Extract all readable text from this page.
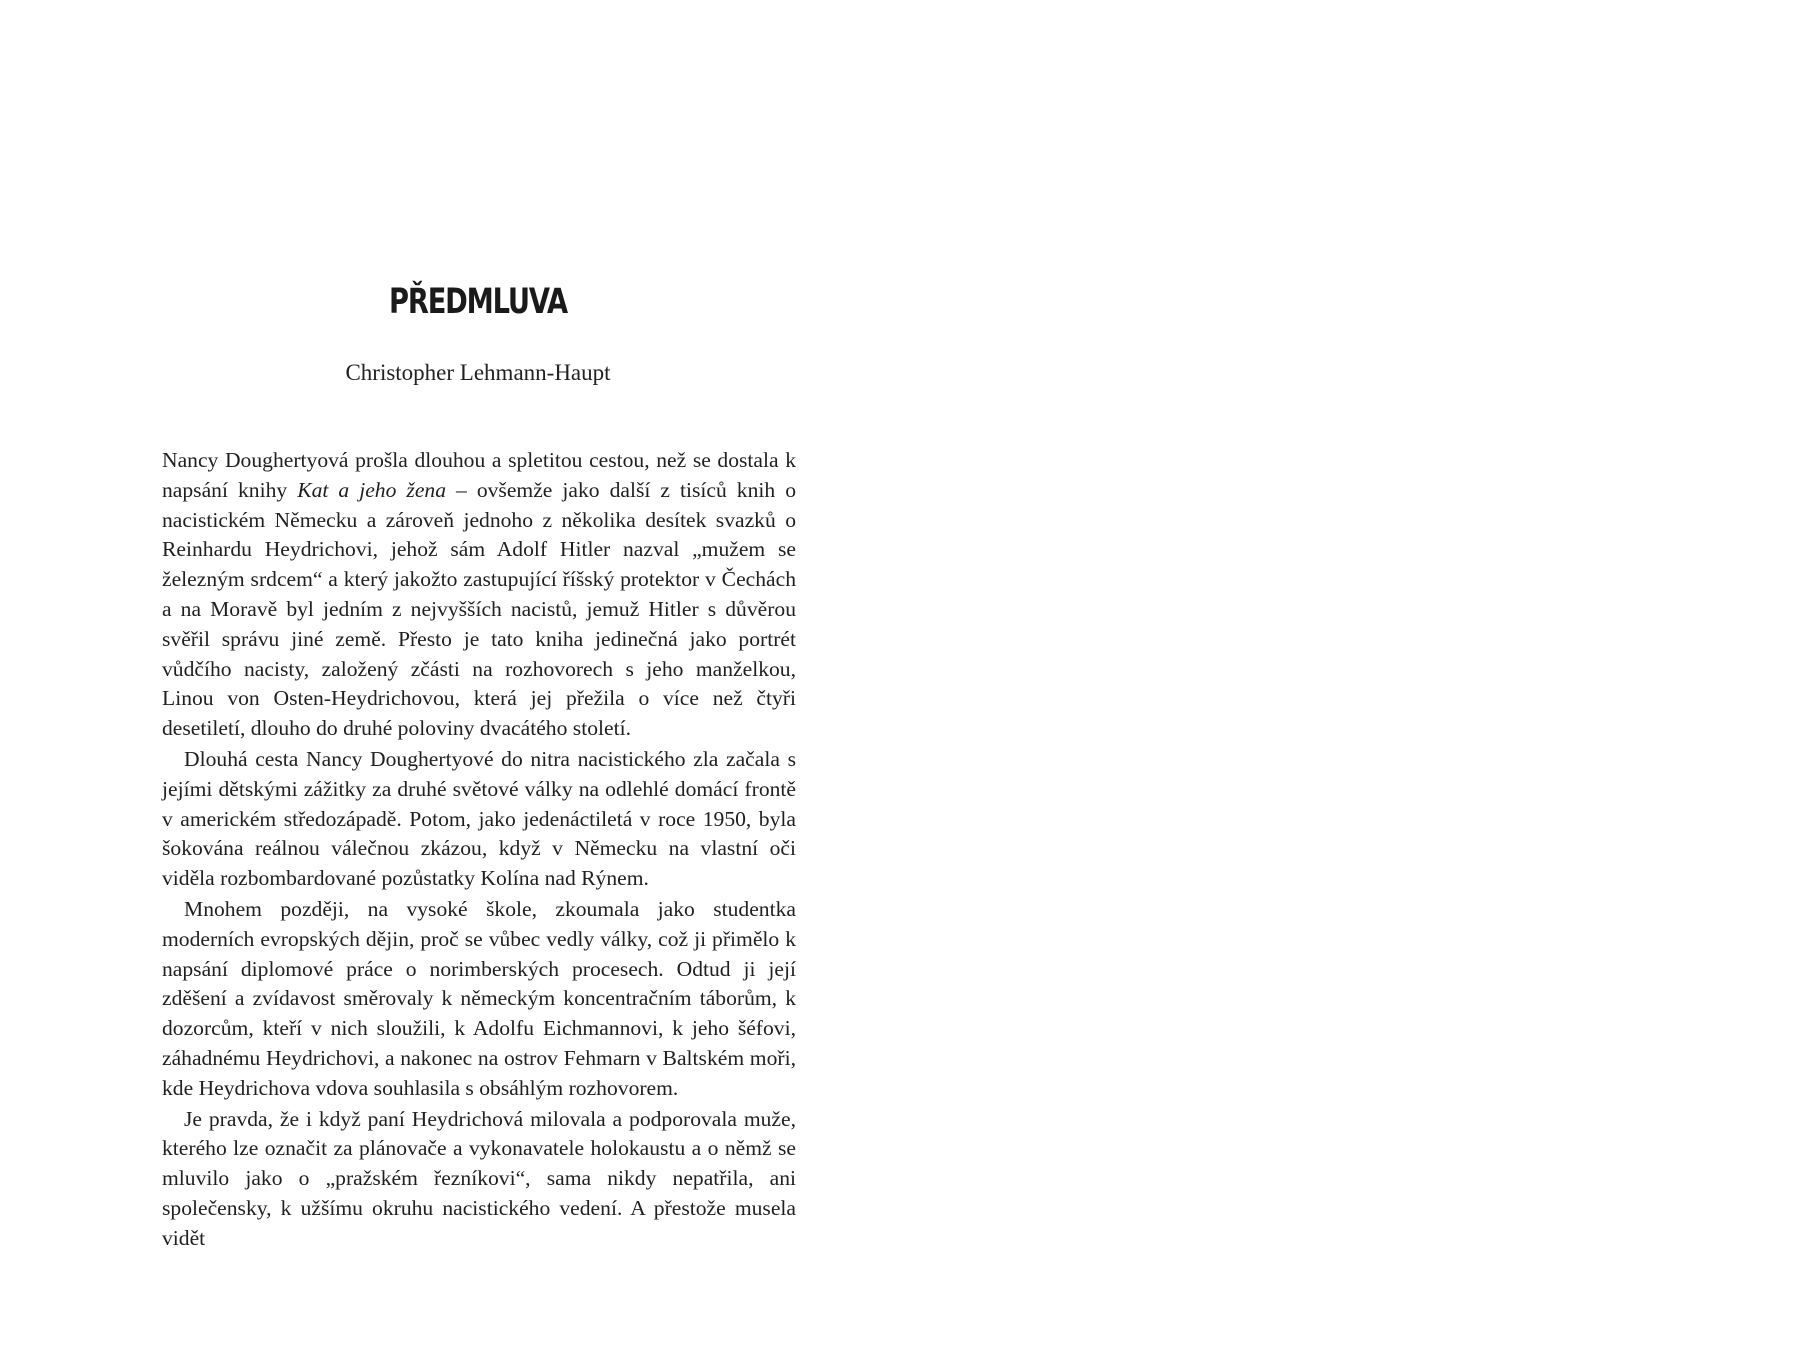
PŘEDMLUVA
Christopher Lehmann-Haupt

Nancy Doughertyová prošla dlouhou a spletitou cestou, než se dostala k napsání knihy Kat a jeho žena – ovšemže jako další z tisíců knih o nacistickém Německu a zároveň jednoho z několika desítek svazků o Reinhardu Heydrichovi, jehož sám Adolf Hitler nazval „mužem se železným srdcem“ a který jakožto zastupující říšský protektor v Čechách a na Moravě byl jedním z nejvyšších nacistů, jemuž Hitler s důvěrou svěřil správu jiné země. Přesto je tato kniha jedinečná jako portrét vůdčího nacisty, založený zčásti na rozhovorech s jeho manželkou, Linou von Osten-Heydrichovou, která jej přežila o více než čtyři desetiletí, dlouho do druhé poloviny dvacátého století.

Dlouhá cesta Nancy Doughertyové do nitra nacistického zla začala s jejími dětskými zážitky za druhé světové války na odlehlé domácí frontě v americkém středozápadě. Potom, jako jedenáctiletá v roce 1950, byla šokována reálnou válečnou zkázou, když v Německu na vlastní oči viděla rozbombardované pozůstatky Kolína nad Rýnem.

Mnohem později, na vysoké škole, zkoumala jako studentka moderních evropských dějin, proč se vůbec vedly války, což ji přimělo k napsání diplomové práce o norimberských procesech. Odtud ji její zděšení a zvídavost směrovaly k německým koncentračním táborům, k dozorcům, kteří v nich sloužili, k Adolfu Eichmannovi, k jeho šéfovi, záhadnému Heydrichovi, a nakonec na ostrov Fehmarn v Baltském moři, kde Heydrichova vdova souhlasila s obsáhlým rozhovorem.

Je pravda, že i když paní Heydrichová milovala a podporovala muže, kterého lze označit za plánovače a vykonavatele holokaustu a o němž se mluvilo jako o „pražském řezníkovi“, sama nikdy nepatřila, ani společensky, k užšímu okruhu nacistického vedení. A přestože musela vidět
